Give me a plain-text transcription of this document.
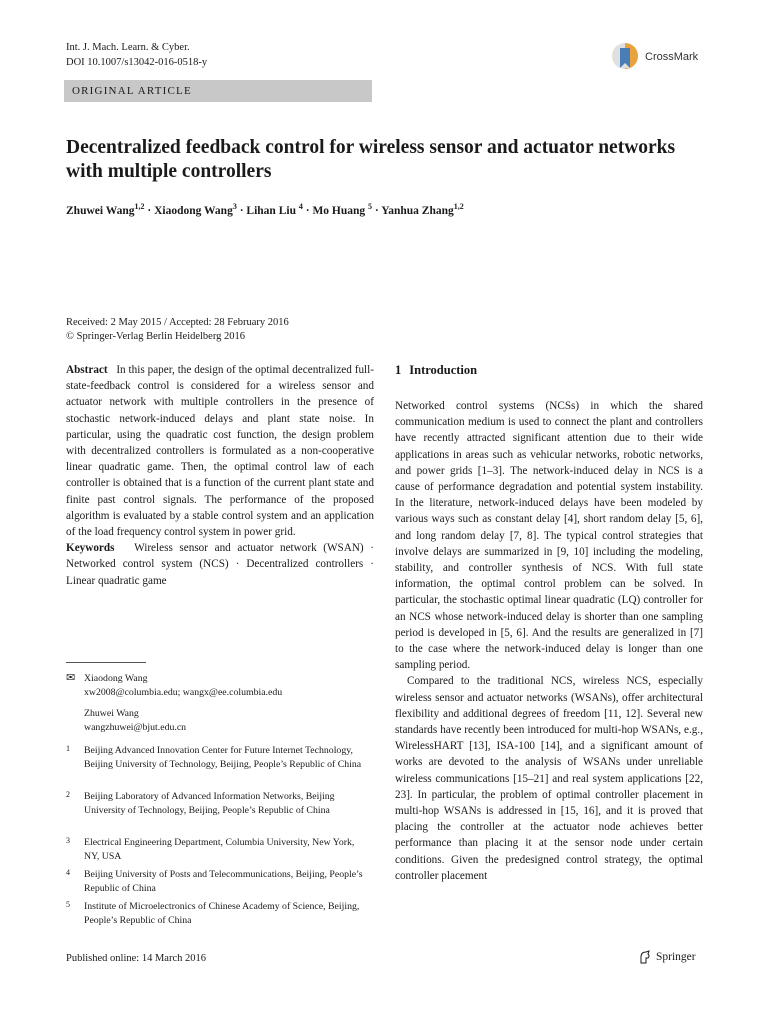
Int. J. Mach. Learn. & Cyber.
DOI 10.1007/s13042-016-0518-y	CrossMark
ORIGINAL ARTICLE
Decentralized feedback control for wireless sensor and actuator networks with multiple controllers
Zhuwei Wang$^{1,2}$ · Xiaodong Wang$^3$ · Lihan Liu $^4$ · Mo Huang $^5$ · Yanhua Zhang$^{1,2}$
Received: 2 May 2015 / Accepted: 28 February 2016
© Springer-Verlag Berlin Heidelberg 2016

Abstract In this paper, the design of the optimal decentralized full-state-feedback control is considered for a wireless sensor and actuator network with multiple controllers in the presence of stochastic network-induced delays and plant state noise. In particular, using the quadratic cost function, the design problem with decentralized controllers is formulated as a non-cooperative linear quadratic game. Then, the optimal control law of each controller is obtained that is a function of the current plant state and finite past control signals. The performance of the proposed algorithm is evaluated by a stable control system and an application of the load frequency control system in power grid.

Keywords Wireless sensor and actuator network (WSAN) · Networked control system (NCS) · Decentralized controllers · Linear quadratic game

✉ Xiaodong Wang
xw2008@columbia.edu; wangx@ee.columbia.edu
Zhuwei Wang
wangzhuwei@bjut.edu.cn
1	Beijing Advanced Innovation Center for Future Internet Technology, Beijing University of Technology, Beijing, People’s Republic of China
2	Beijing Laboratory of Advanced Information Networks, Beijing University of Technology, Beijing, People’s Republic of China
3	Electrical Engineering Department, Columbia University, New York, NY, USA
4	Beijing University of Posts and Telecommunications, Beijing, People’s Republic of China
5	Institute of Microelectronics of Chinese Academy of Science, Beijing, People’s Republic of China
1 Introduction

Networked control systems (NCSs) in which the shared communication medium is used to connect the plant and controllers have recently attracted significant attention due to their wide applications in areas such as vehicular networks, robotic networks, and power grids [1–3]. The network-induced delay in NCS is a cause of performance degradation and potential system instability. In the literature, network-induced delays have been modeled by various ways such as constant delay [4], short random delay [5, 6], and long random delay [7, 8]. The typical control strategies that involve delays are summarized in [9, 10] including the modeling, stability, and controller synthesis of NCS. With full state information, the optimal control problem can be solved. In particular, the stochastic optimal linear quadratic (LQ) controller for an NCS whose network-induced delay is shorter than one sampling period is developed in [5, 6]. And the results are generalized in [7] to the case where the network-induced delay is longer than one sampling period.

Compared to the traditional NCS, wireless NCS, especially wireless sensor and actuator networks (WSANs), offer architectural flexibility and additional degrees of freedom [11, 12]. Several new standards have recently been introduced for multi-hop WSANs, e.g., WirelessHART [13], ISA-100 [14], and a significant amount of works are devoted to the analysis of WSANs under unreliable wireless communications [15–21] and real system applications [22, 23]. In particular, the problem of optimal controller placement in multi-hop WSANs is addressed in [15, 16], and it is proved that placing the controller at the actuator node achieves better performance than placing it at the sensor node under certain conditions. Given the predesigned control strategy, the optimal controller placement

Published online: 14 March 2016	Springer
